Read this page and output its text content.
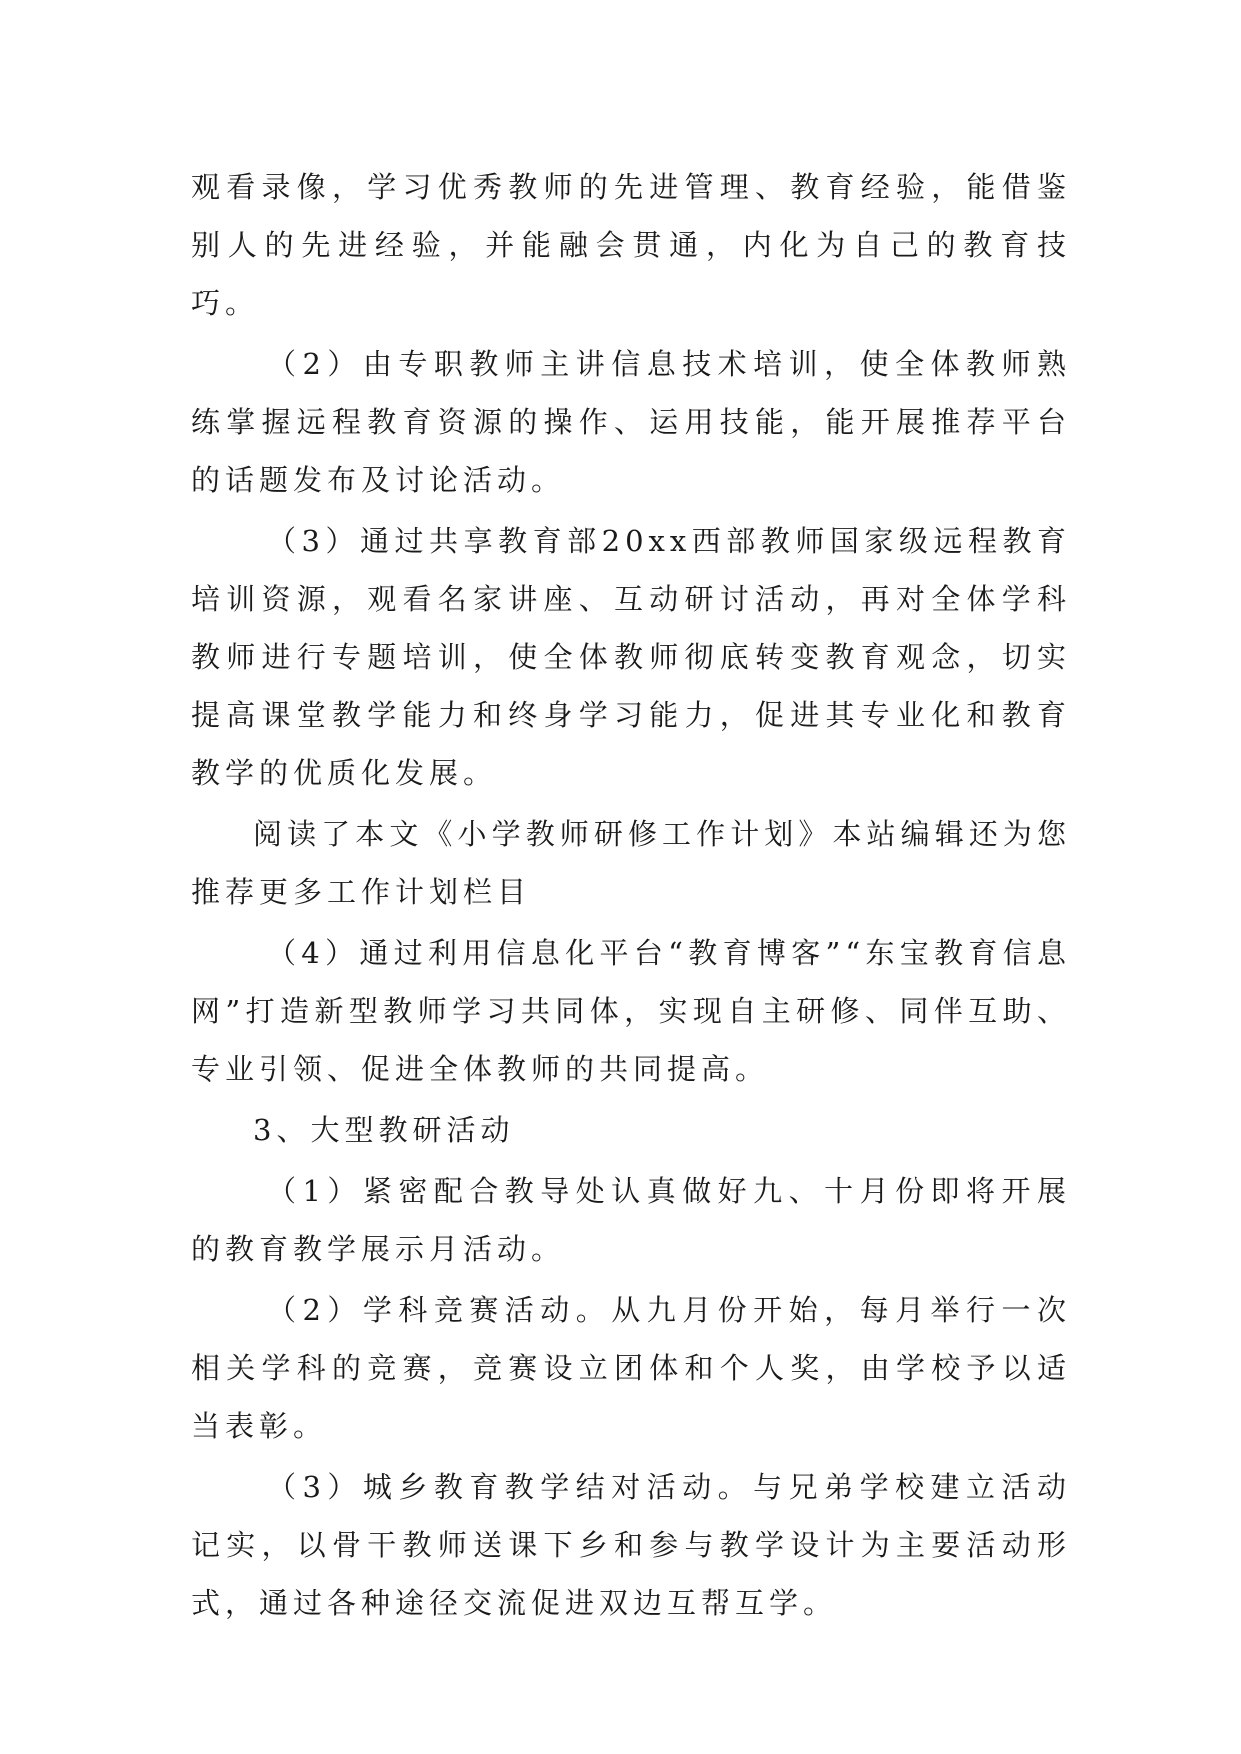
观看录像，学习优秀教师的先进管理、教育经验，能借鉴别人的先进经验，并能融会贯通，内化为自己的教育技巧。

（2）由专职教师主讲信息技术培训，使全体教师熟练掌握远程教育资源的操作、运用技能，能开展推荐平台的话题发布及讨论活动。

（3）通过共享教育部20xx西部教师国家级远程教育培训资源，观看名家讲座、互动研讨活动，再对全体学科教师进行专题培训，使全体教师彻底转变教育观念，切实提高课堂教学能力和终身学习能力，促进其专业化和教育教学的优质化发展。

阅读了本文《小学教师研修工作计划》本站编辑还为您推荐更多工作计划栏目

（4）通过利用信息化平台“教育博客”“东宝教育信息网”打造新型教师学习共同体，实现自主研修、同伴互助、专业引领、促进全体教师的共同提高。

3、大型教研活动

（1）紧密配合教导处认真做好九、十月份即将开展的教育教学展示月活动。

（2）学科竞赛活动。从九月份开始，每月举行一次相关学科的竞赛，竞赛设立团体和个人奖，由学校予以适当表彰。

（3）城乡教育教学结对活动。与兄弟学校建立活动记实，以骨干教师送课下乡和参与教学设计为主要活动形式，通过各种途径交流促进双边互帮互学。
